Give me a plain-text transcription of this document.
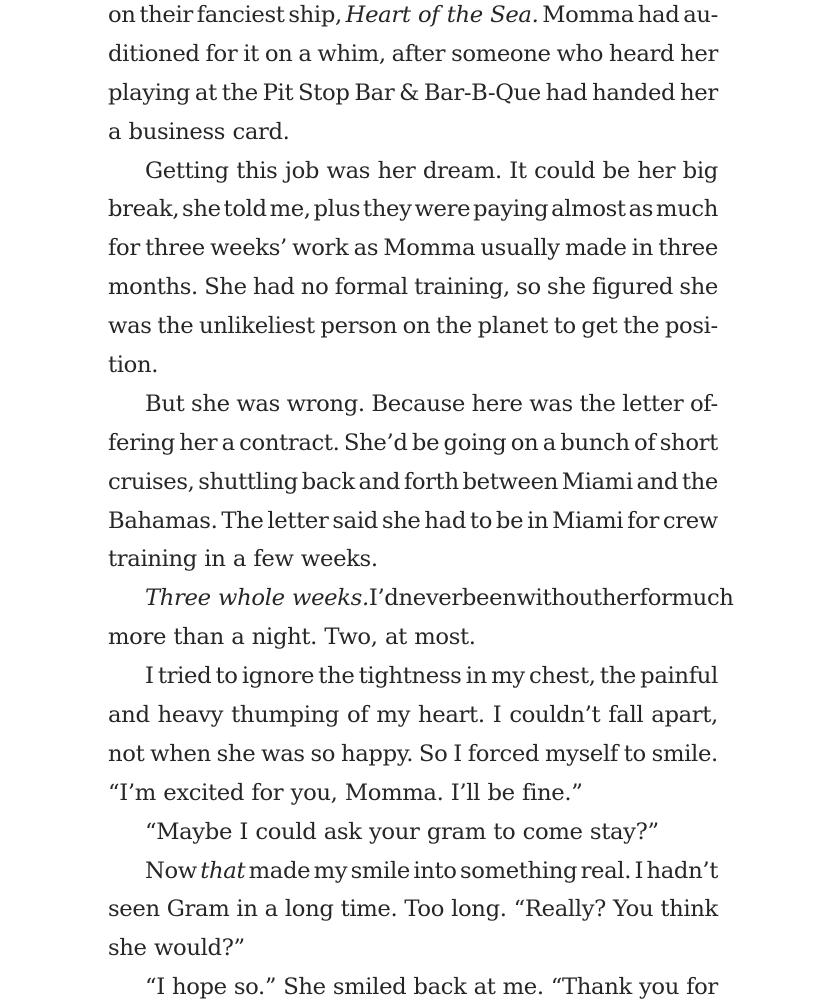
on their fanciest ship, Heart of the Sea. Momma had au-
ditioned for it on a whim, after someone who heard her
playing at the Pit Stop Bar & Bar-B-Que had handed her
a business card.
Getting this job was her dream. It could be her big
break, she told me, plus they were paying almost as much
for three weeks’ work as Momma usually made in three
months. She had no formal training, so she figured she
was the unlikeliest person on the planet to get the posi-
tion.
But she was wrong. Because here was the letter of-
fering her a contract. She’d be going on a bunch of short
cruises, shuttling back and forth between Miami and the
Bahamas. The letter said she had to be in Miami for crew
training in a few weeks.
Three whole weeks. I’d never been without her for much
more than a night. Two, at most.
I tried to ignore the tightness in my chest, the painful
and heavy thumping of my heart. I couldn’t fall apart,
not when she was so happy. So I forced myself to smile.
“I’m excited for you, Momma. I’ll be fine.”
“Maybe I could ask your gram to come stay?”
Now that made my smile into something real. I hadn’t
seen Gram in a long time. Too long. “Really? You think
she would?”
“I hope so.” She smiled back at me. “Thank you for
